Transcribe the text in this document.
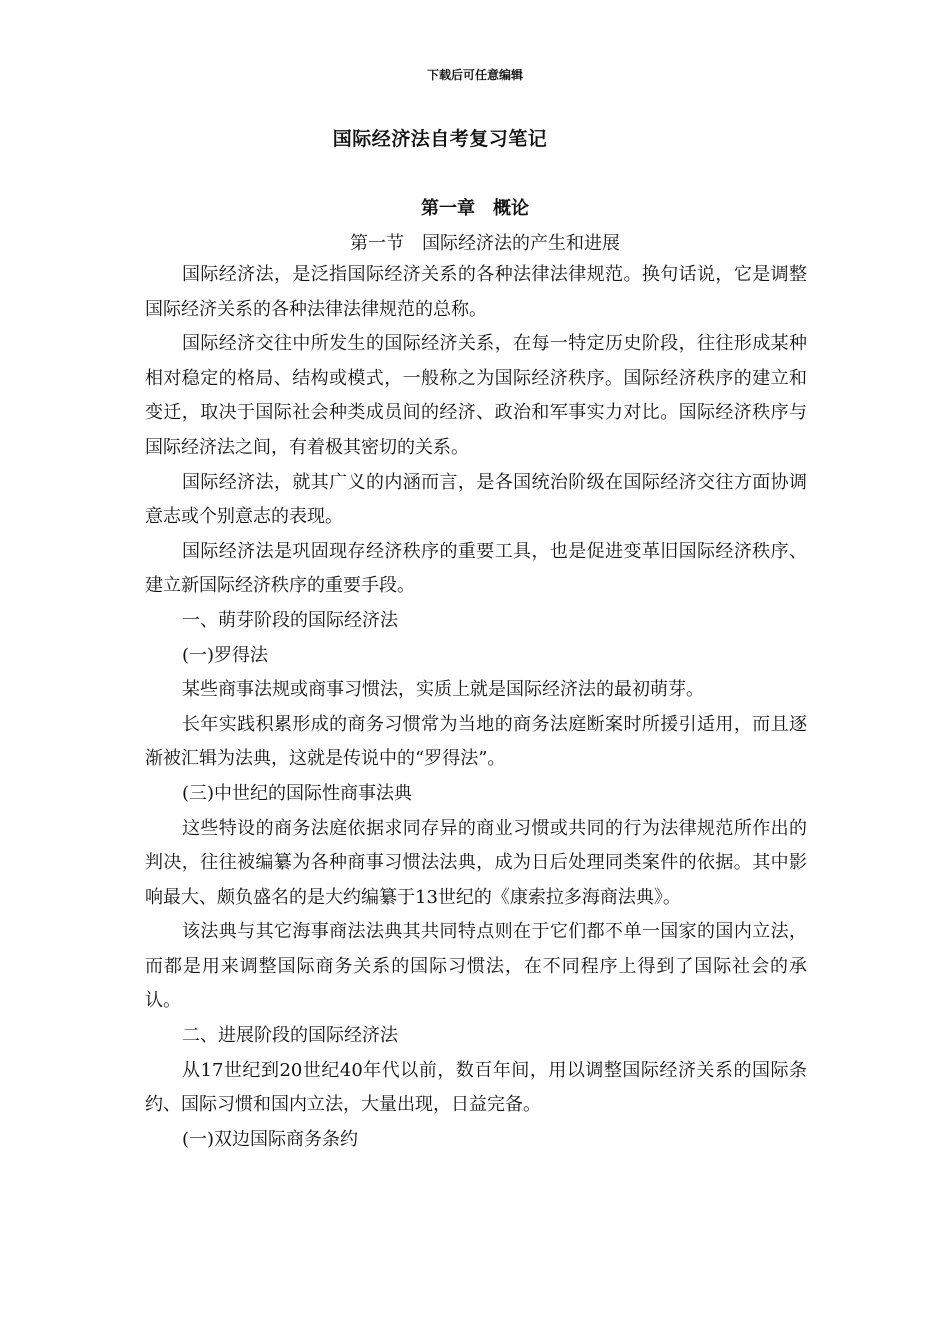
下载后可任意编辑
国际经济法自考复习笔记
第一章　概论
第一节　国际经济法的产生和进展

国际经济法，是泛指国际经济关系的各种法律法律规范。换句话说，它是调整国际经济关系的各种法律法律规范的总称。

国际经济交往中所发生的国际经济关系，在每一特定历史阶段，往往形成某种相对稳定的格局、结构或模式，一般称之为国际经济秩序。国际经济秩序的建立和变迁，取决于国际社会种类成员间的经济、政治和军事实力对比。国际经济秩序与国际经济法之间，有着极其密切的关系。

国际经济法，就其广义的内涵而言，是各国统治阶级在国际经济交往方面协调意志或个别意志的表现。

国际经济法是巩固现存经济秩序的重要工具，也是促进变革旧国际经济秩序、建立新国际经济秩序的重要手段。

一、萌芽阶段的国际经济法

(一)罗得法

某些商事法规或商事习惯法，实质上就是国际经济法的最初萌芽。

长年实践积累形成的商务习惯常为当地的商务法庭断案时所援引适用，而且逐渐被汇辑为法典，这就是传说中的“罗得法”。

(三)中世纪的国际性商事法典

这些特设的商务法庭依据求同存异的商业习惯或共同的行为法律规范所作出的判决，往往被编纂为各种商事习惯法法典，成为日后处理同类案件的依据。其中影响最大、颇负盛名的是大约编纂于13世纪的《康索拉多海商法典》。

该法典与其它海事商法法典其共同特点则在于它们都不单一国家的国内立法，而都是用来调整国际商务关系的国际习惯法，在不同程序上得到了国际社会的承认。

二、进展阶段的国际经济法

从17世纪到20世纪40年代以前，数百年间，用以调整国际经济关系的国际条约、国际习惯和国内立法，大量出现，日益完备。

(一)双边国际商务条约
